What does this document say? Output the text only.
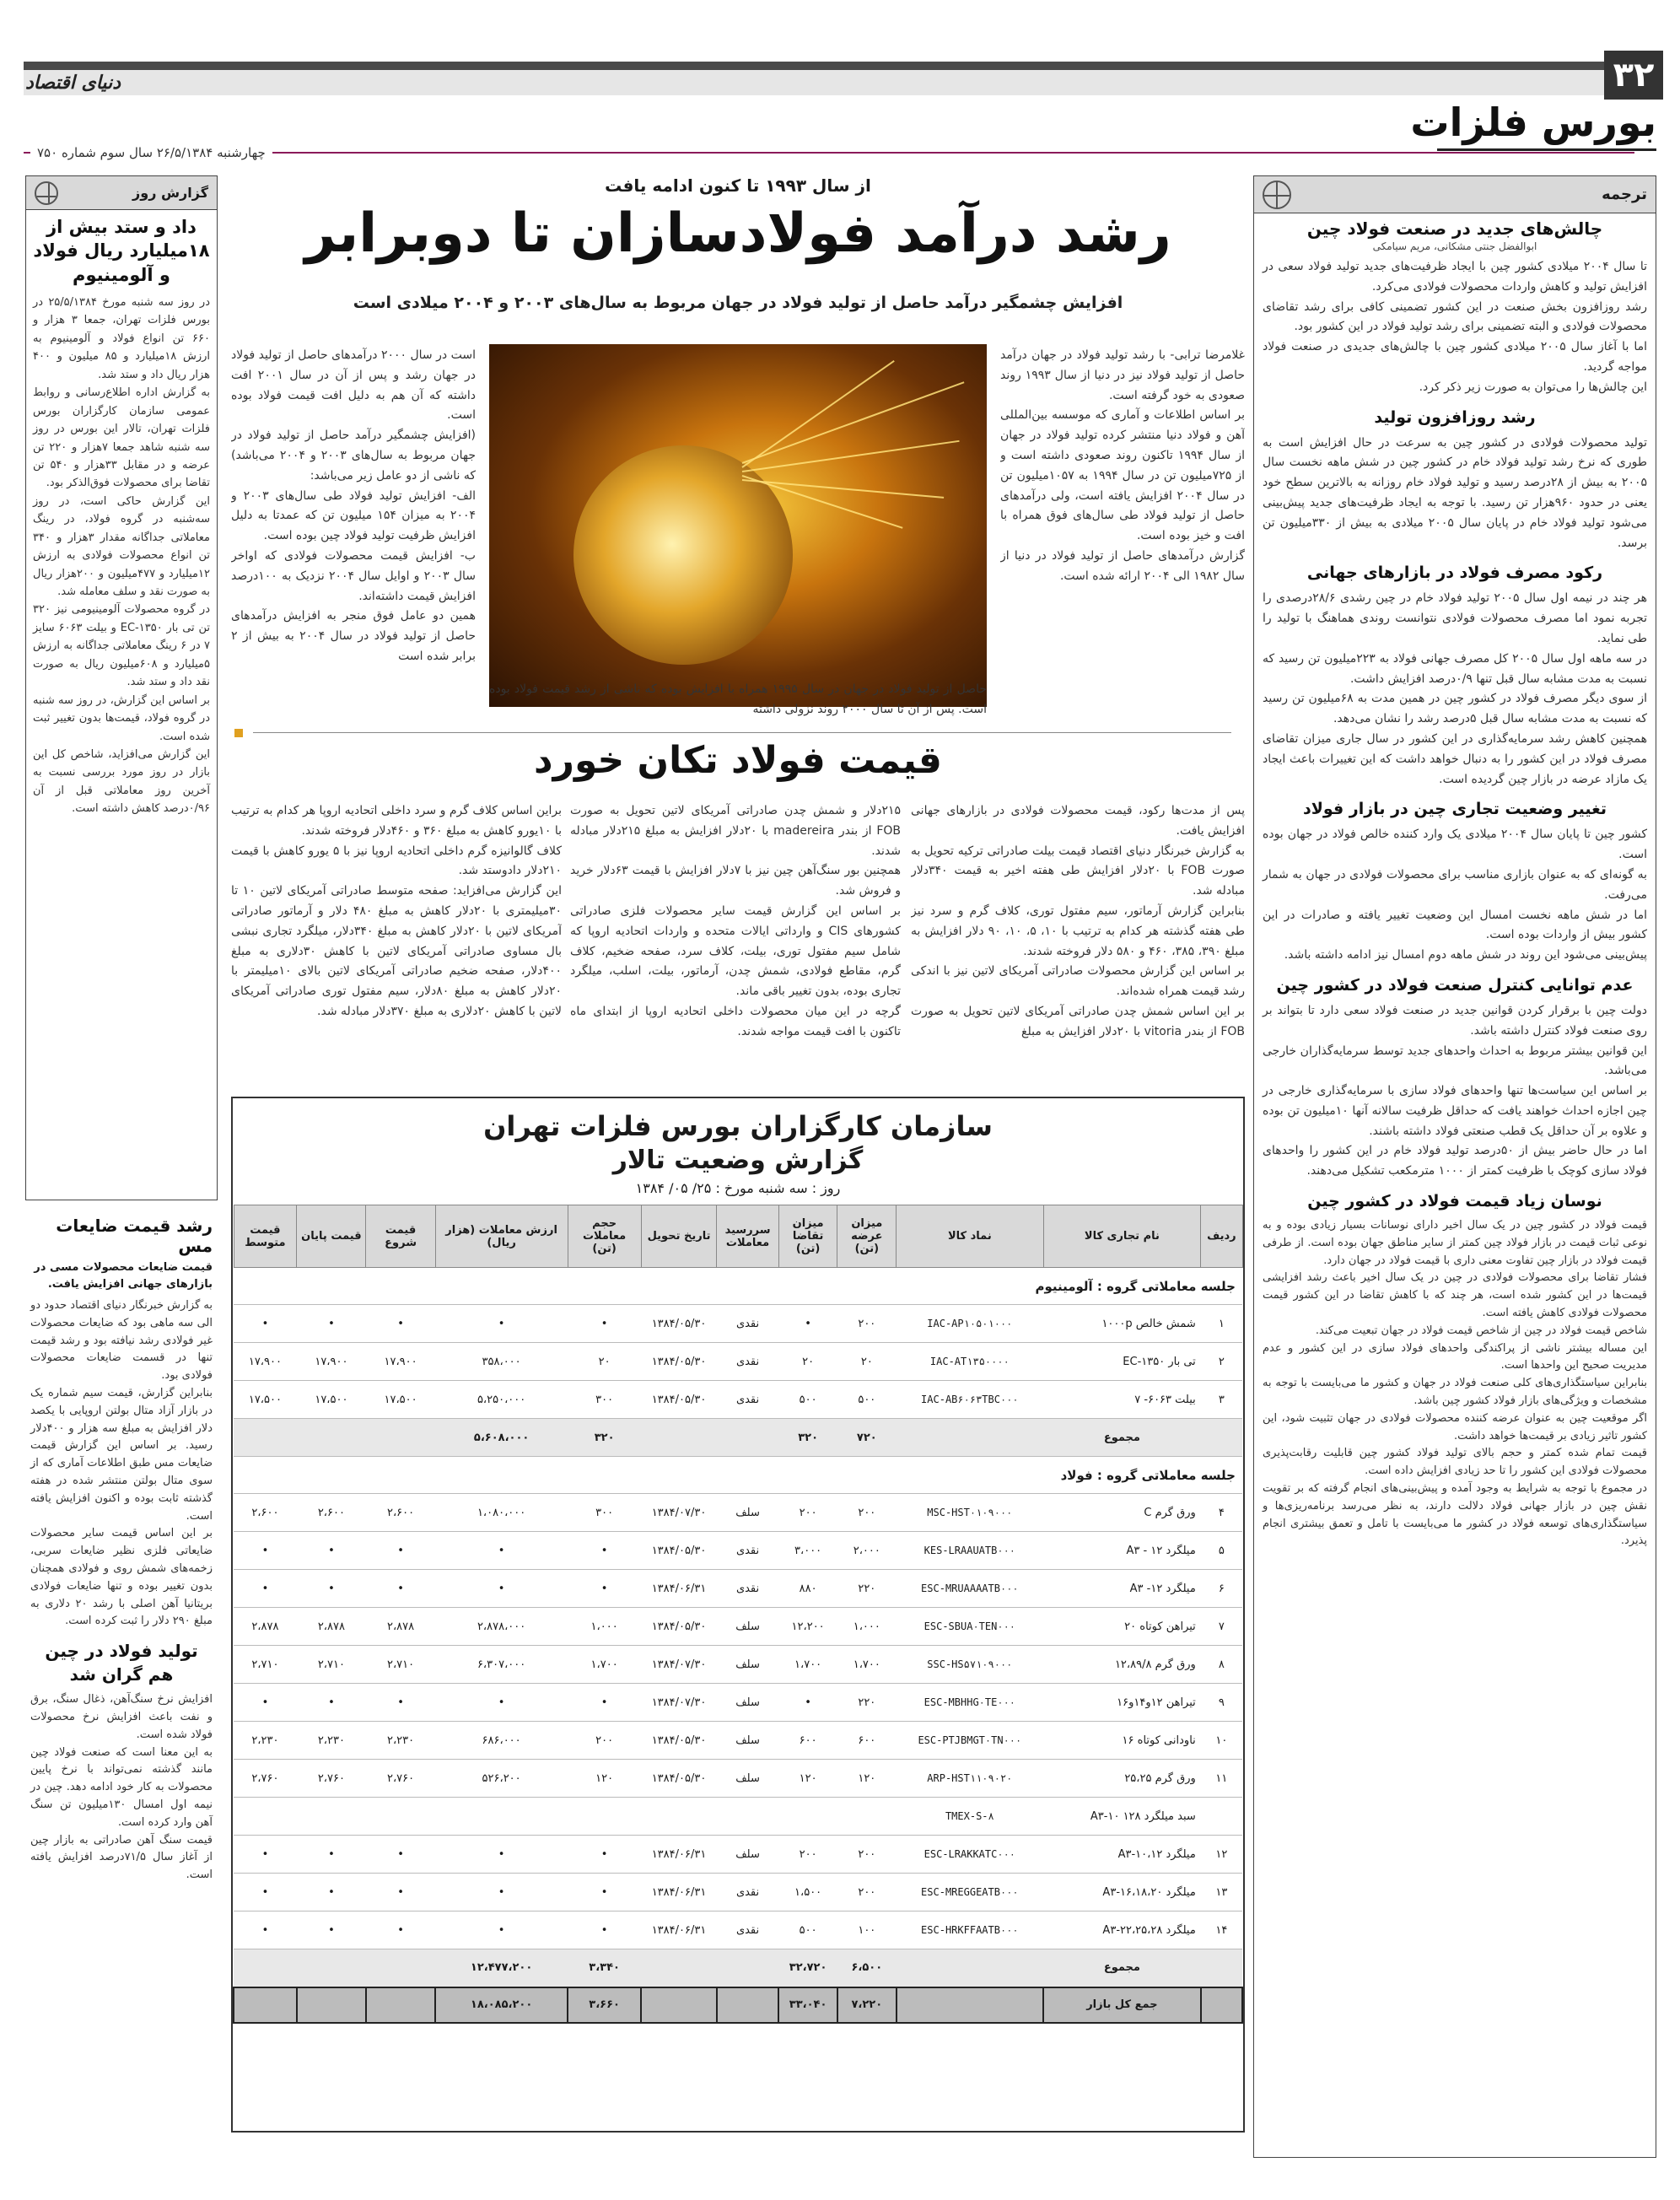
۳۲
دنیای اقتصاد
بورس فلزات
چهارشنبه ۲۶/۵/۱۳۸۴ سال سوم شماره ۷۵۰
ترجمه
چالش‌های جدید در صنعت فولاد چین
ابوالفضل جنتی مشکانی، مریم سیامکی
تا سال ۲۰۰۴ میلادی کشور چین با ایجاد ظرفیت‌های جدید تولید فولاد سعی در افزایش تولید و کاهش واردات محصولات فولادی می‌کرد.
رشد روزافزون بخش صنعت در این کشور تضمینی کافی برای رشد تقاضای محصولات فولادی و البته تضمینی برای رشد تولید فولاد در این کشور بود.
اما با آغاز سال ۲۰۰۵ میلادی کشور چین با چالش‌های جدیدی در صنعت فولاد مواجه گردید.
این چالش‌ها را می‌توان به صورت زیر ذکر کرد.
رشد روزافزون تولید
تولید محصولات فولادی در کشور چین به سرعت در حال افزایش است به طوری که نرخ رشد تولید فولاد خام در کشور چین در شش ماهه نخست سال ۲۰۰۵ به بیش از ۲۸درصد رسید و تولید فولاد خام روزانه به بالاترین سطح خود یعنی در حدود ۹۶۰هزار تن رسید. با توجه به ایجاد ظرفیت‌های جدید پیش‌بینی می‌شود تولید فولاد خام در پایان سال ۲۰۰۵ میلادی به بیش از ۳۳۰میلیون تن برسد.
رکود مصرف فولاد در بازارهای جهانی
هر چند در نیمه اول سال ۲۰۰۵ تولید فولاد خام در چین رشدی ۲۸/۶درصدی را تجربه نمود اما مصرف محصولات فولادی نتوانست روندی هماهنگ با تولید را طی نماید.
در سه ماهه اول سال ۲۰۰۵ کل مصرف جهانی فولاد به ۲۲۳میلیون تن رسید که نسبت به مدت مشابه سال قبل تنها ۰/۹درصد افزایش داشت.
از سوی دیگر مصرف فولاد در کشور چین در همین مدت به ۶۸میلیون تن رسید که نسبت به مدت مشابه سال قبل ۵درصد رشد را نشان می‌دهد.
همچنین کاهش رشد سرمایه‌گذاری در این کشور در سال جاری میزان تقاضای مصرف فولاد در این کشور را به دنبال خواهد داشت که این تغییرات باعث ایجاد یک مازاد عرضه در بازار چین گردیده است.
تغییر وضعیت تجاری چین در بازار فولاد
کشور چین تا پایان سال ۲۰۰۴ میلادی یک وارد کننده خالص فولاد در جهان بوده است.
به گونه‌ای که به عنوان بازاری مناسب برای محصولات فولادی در جهان به شمار می‌رفت.
اما در شش ماهه نخست امسال این وضعیت تغییر یافته و صادرات در این کشور بیش از واردات بوده است.
پیش‌بینی می‌شود این روند در شش ماهه دوم امسال نیز ادامه داشته باشد.
عدم توانایی کنترل صنعت فولاد در کشور چین
دولت چین با برقرار کردن قوانین جدید در صنعت فولاد سعی دارد تا بتواند بر روی صنعت فولاد کنترل داشته باشد.
این قوانین بیشتر مربوط به احداث واحدهای جدید توسط سرمایه‌گذاران خارجی می‌باشد.
بر اساس این سیاست‌ها تنها واحدهای فولاد سازی با سرمایه‌گذاری خارجی در چین اجازه احداث خواهند یافت که حداقل ظرفیت سالانه آنها ۱۰میلیون تن بوده و علاوه بر آن حداقل یک قطب صنعتی فولاد داشته باشند.
اما در حال حاضر بیش از ۵۰درصد تولید فولاد خام در این کشور را واحدهای فولاد سازی کوچک با ظرفیت کمتر از ۱۰۰۰ مترمکعب تشکیل می‌دهند.
نوسان زیاد قیمت فولاد در کشور چین
قیمت فولاد در کشور چین در یک سال اخیر دارای نوسانات بسیار زیادی بوده و به نوعی ثبات قیمت در بازار فولاد چین کمتر از سایر مناطق جهان بوده است. از طرفی قیمت فولاد در بازار چین تفاوت معنی داری با قیمت فولاد در جهان دارد.
فشار تقاضا برای محصولات فولادی در چین در یک سال اخیر باعث رشد افزایشی قیمت‌ها در این کشور شده است، هر چند که با کاهش تقاضا در این کشور قیمت محصولات فولادی کاهش یافته است.
شاخص قیمت فولاد در چین از شاخص قیمت فولاد در جهان تبعیت می‌کند.
این مساله بیشتر ناشی از پراکندگی واحدهای فولاد سازی در این کشور و عدم مدیریت صحیح این واحدها است.
بنابراین سیاستگذاری‌های کلی صنعت فولاد در جهان و کشور ما می‌بایست با توجه به مشخصات و ویژگی‌های بازار فولاد کشور چین باشد.
اگر موقعیت چین به عنوان عرضه کننده محصولات فولادی در جهان تثبیت شود، این کشور تاثیر زیادی بر قیمت‌ها خواهد داشت.
قیمت تمام شده کمتر و حجم بالای تولید فولاد کشور چین قابلیت رقابت‌پذیری محصولات فولادی این کشور را تا حد زیادی افزایش داده است.
در مجموع با توجه به شرایط به وجود آمده و پیش‌بینی‌های انجام گرفته که بر تقویت نقش چین در بازار جهانی فولاد دلالت دارند، به نظر می‌رسد برنامه‌ریزی‌ها و سیاستگذاری‌های توسعه فولاد در کشور ما می‌بایست با تامل و تعمق بیشتری انجام پذیرد.
گزارش روز
داد و ستد بیش از ۱۸میلیارد ریال فولاد و آلومینیوم
در روز سه شنبه مورخ ۲۵/۵/۱۳۸۴ در بورس فلزات تهران، جمعا ۳ هزار و ۶۶۰ تن انواع فولاد و آلومینیوم به ارزش ۱۸میلیارد و ۸۵ میلیون و ۴۰۰ هزار ریال داد و ستد شد.
به گزارش اداره اطلاع‌رسانی و روابط عمومی سازمان کارگزاران بورس فلزات تهران، تالار این بورس در روز سه شنبه شاهد جمعا ۷هزار و ۲۲۰ تن عرضه و در مقابل ۳۳هزار و ۵۴۰ تن تقاضا برای محصولات فوق‌الذکر بود.
این گزارش حاکی است، در روز سه‌شنبه در گروه فولاد، در رینگ معاملاتی جداگانه مقدار ۳هزار و ۳۴۰ تن انواع محصولات فولادی به ارزش ۱۲میلیارد و ۴۷۷میلیون و ۲۰۰هزار ریال به صورت نقد و سلف معامله شد.
در گروه محصولات آلومینیومی نیز ۳۲۰ تن تی بار EC-۱۳۵۰ و بیلت ۶۰۶۳ سایز ۷ در ۶ رینگ معاملاتی جداگانه به ارزش ۵میلیارد و ۶۰۸میلیون ریال به صورت نقد داد و ستد شد.
بر اساس این گزارش، در روز سه شنبه در گروه فولاد، قیمت‌ها بدون تغییر ثبت شده است.
این گزارش می‌افزاید، شاخص کل این بازار در روز مورد بررسی نسبت به آخرین روز معاملاتی قبل از آن ۰/۹۶درصد کاهش داشته است.
رشد قیمت ضایعات مس
قیمت ضایعات محصولات مسی در بازارهای جهانی افزایش یافت.
به گزارش خبرنگار دنیای اقتصاد حدود دو الی سه ماهی بود که ضایعات محصولات غیر فولادی رشد نیافته بود و رشد قیمت تنها در قسمت ضایعات محصولات فولادی بود.
بنابراین گزارش، قیمت سیم شماره یک در بازار آزاد متال بولتن اروپایی با یکصد دلار افزایش به مبلغ سه هزار و ۴۰۰دلار رسید. بر اساس این گزارش قیمت ضایعات مس طبق اطلاعات آماری که از سوی متال بولتن منتشر شده در هفته گذشته ثابت بوده و اکنون افزایش یافته است.
بر این اساس قیمت سایر محصولات ضایعاتی فلزی نظیر ضایعات سربی، زخمه‌های شمش روی و فولادی همچنان بدون تغییر بوده و تنها ضایعات فولادی بریتانیا آهن اصلی با رشد ۲۰ دلاری به مبلغ ۲۹۰ دلار را ثبت کرده است.
تولید فولاد در چین هم گران شد
افزایش نرخ سنگ‌آهن، ذغال سنگ، برق و نفت باعث افزایش نرخ محصولات فولاد شده است.
به این معنا است که صنعت فولاد چین مانند گذشته نمی‌تواند با نرخ پایین محصولات به کار خود ادامه دهد. چین در نیمه اول امسال ۱۳۰میلیون تن سنگ آهن وارد کرده است.
قیمت سنگ آهن صادراتی به بازار چین از آغاز سال ۷۱/۵درصد افزایش یافته است.
از سال ۱۹۹۳ تا کنون ادامه یافت
رشد درآمد فولادسازان تا دوبرابر
افزایش چشمگیر درآمد حاصل از تولید فولاد در جهان مربوط به سال‌های ۲۰۰۳ و ۲۰۰۴ میلادی است
غلامرضا ترابی- با رشد تولید فولاد در جهان درآمد حاصل از تولید فولاد نیز در دنیا از سال ۱۹۹۳ روند صعودی به خود گرفته است.
بر اساس اطلاعات و آماری که موسسه بین‌المللی آهن و فولاد دنیا منتشر کرده تولید فولاد در جهان از سال ۱۹۹۴ تاکنون روند صعودی داشته است و از ۷۲۵میلیون تن در سال ۱۹۹۴ به ۱۰۵۷میلیون تن در سال ۲۰۰۴ افزایش یافته است، ولی درآمدهای حاصل از تولید فولاد طی سال‌های فوق همراه با افت و خیز بوده است.
گزارش درآمدهای حاصل از تولید فولاد در دنیا از سال ۱۹۸۲ الی ۲۰۰۴ ارائه شده است.
است در سال ۲۰۰۰ درآمدهای حاصل از تولید فولاد در جهان رشد و پس از آن در سال ۲۰۰۱ افت داشته که آن هم به دلیل افت قیمت فولاد بوده است.
(افزایش چشمگیر درآمد حاصل از تولید فولاد در جهان مربوط به سال‌های ۲۰۰۳ و ۲۰۰۴ می‌باشد) که ناشی از دو عامل زیر می‌باشد:
الف- افزایش تولید فولاد طی سال‌های ۲۰۰۳ و ۲۰۰۴ به میزان ۱۵۴ میلیون تن که عمدتا به دلیل افزایش ظرفیت تولید فولاد چین بوده است.
ب- افزایش قیمت محصولات فولادی که اواخر سال ۲۰۰۳ و اوایل سال ۲۰۰۴ نزدیک به ۱۰۰درصد افزایش قیمت داشته‌اند.
همین دو عامل فوق منجر به افزایش درآمدهای حاصل از تولید فولاد در سال ۲۰۰۴ به بیش از ۲ برابر شده است
حاصل از تولید فولاد در جهان در سال ۱۹۹۵ همراه با افزایش بوده که ناشی از رشد قیمت فولاد بوده است. پس از آن تا سال ۲۰۰۰ روند نزولی داشته
قیمت فولاد تکان خورد
پس از مدت‌ها رکود، قیمت محصولات فولادی در بازارهای جهانی افزایش یافت.
به گزارش خبرنگار دنیای اقتصاد قیمت بیلت صادراتی ترکیه تحویل به صورت FOB با ۲۰دلار افزایش طی هفته اخیر به قیمت ۳۴۰دلار مبادله شد.
بنابراین گزارش آرماتور، سیم مفتول توری، کلاف گرم و سرد نیز طی هفته گذشته هر کدام به ترتیب با ۱۰، ۵، ۱۰، ۹۰ دلار افزایش به مبلغ ۳۹۰، ۳۸۵، ۴۶۰ و ۵۸۰ دلار فروخته شدند.
بر اساس این گزارش محصولات صادراتی آمریکای لاتین نیز با اندکی رشد قیمت همراه شده‌اند.
بر این اساس شمش چدن صادراتی آمریکای لاتین تحویل به صورت FOB از بندر vitoria با ۲۰دلار افزایش به مبلغ
۲۱۵دلار و شمش چدن صادراتی آمریکای لاتین تحویل به صورت FOB از بندر madereira با ۲۰دلار افزایش به مبلغ ۲۱۵دلار مبادله شدند.
همچنین بور سنگ‌آهن چین نیز با ۷دلار افزایش با قیمت ۶۳دلار خرید و فروش شد.
بر اساس این گزارش قیمت سایر محصولات فلزی صادراتی کشورهای CIS و وارداتی ایالات متحده و واردات اتحادیه اروپا که شامل سیم مفتول توری، بیلت، کلاف سرد، صفحه ضخیم، کلاف گرم، مقاطع فولادی، شمش چدن، آرماتور، بیلت، اسلب، میلگرد تجاری بوده، بدون تغییر باقی ماند.
گرچه در این میان محصولات داخلی اتحادیه اروپا از ابتدای ماه تاکنون با افت قیمت مواجه شدند.
براین اساس کلاف گرم و سرد داخلی اتحادیه اروپا هر کدام به ترتیب با ۱۰یورو کاهش به مبلغ ۳۶۰ و ۴۶۰دلار فروخته شدند.
کلاف گالوانیزه گرم داخلی اتحادیه اروپا نیز با ۵ یورو کاهش با قیمت ۲۱۰دلار دادوستد شد.
این گزارش می‌افزاید: صفحه متوسط صادراتی آمریکای لاتین ۱۰ تا ۳۰میلیمتری با ۲۰دلار کاهش به مبلغ ۴۸۰ دلار و آرماتور صادراتی آمریکای لاتین با ۲۰دلار کاهش به مبلغ ۳۴۰دلار، میلگرد تجاری نبشی بال مساوی صادراتی آمریکای لاتین با کاهش ۳۰دلاری به مبلغ ۴۰۰دلار، صفحه ضخیم صادراتی آمریکای لاتین بالای ۱۰میلیمتر با ۲۰دلار کاهش به مبلغ ۸۰دلار، سیم مفتول توری صادراتی آمریکای لاتین با کاهش ۲۰دلاری به مبلغ ۳۷۰دلار مبادله شد.
سازمان کارگزاران بورس فلزات تهران
گزارش وضعیت تالار
روز : سه شنبه مورخ : ۲۵/ ۰۵/ ۱۳۸۴
ردیف	نام تجاری کالا	نماد کالا	میزان عرضه (تن)	میزان تقاضا (تن)	سررسید معاملات	تاریخ تحویل	حجم معاملات (تن)	ارزش معاملات (هزار ریال)	قیمت شروع	قیمت پایان	قیمت متوسط
جلسه معاملاتی گروه : آلومینیوم											
۱	شمش خالص ۱۰۰۰p	IAC-AP۱۰۵۰۱۰۰۰	۲۰۰	•	نقدی	۱۳۸۴/۰۵/۳۰	•	•	•	•	•
۲	تی بار EC-۱۳۵۰	IAC-AT۱۳۵۰۰۰۰	۲۰	۲۰	نقدی	۱۳۸۴/۰۵/۳۰	۲۰	۳۵۸،۰۰۰	۱۷،۹۰۰	۱۷،۹۰۰	۱۷،۹۰۰
۳	بیلت ۶۰۶۳- ۷	IAC-AB۶۰۶۳TBC۰۰۰	۵۰۰	۵۰۰	نقدی	۱۳۸۴/۰۵/۳۰	۳۰۰	۵،۲۵۰،۰۰۰	۱۷،۵۰۰	۱۷،۵۰۰	۱۷،۵۰۰
	مجموع		۷۲۰	۳۲۰			۳۲۰	۵،۶۰۸،۰۰۰			
جلسه معاملاتی گروه : فولاد											
۴	ورق گرم C	MSC-HST۰۱۰۹۰۰۰	۲۰۰	۲۰۰	سلف	۱۳۸۴/۰۷/۳۰	۳۰۰	۱،۰۸۰،۰۰۰	۲،۶۰۰	۲،۶۰۰	۲،۶۰۰
۵	میلگرد ۱۲ - A۳	KES-LRAAUATB۰۰۰	۲،۰۰۰	۳،۰۰۰	نقدی	۱۳۸۴/۰۵/۳۰	•	•	•	•	•
۶	میلگرد ۱۲- A۳	ESC-MRUAAAATB۰۰۰	۲۲۰	۸۸۰	نقدی	۱۳۸۴/۰۶/۳۱	•	•	•	•	•
۷	تیراهن کوتاه ۲۰	ESC-SBUA۰TEN۰۰۰	۱،۰۰۰	۱۲،۲۰۰	سلف	۱۳۸۴/۰۵/۳۰	۱،۰۰۰	۲،۸۷۸،۰۰۰	۲،۸۷۸	۲،۸۷۸	۲،۸۷۸
۸	ورق گرم ۱۲،۸۹/۸	SSC-HS۵۷۱۰۹۰۰۰	۱،۷۰۰	۱،۷۰۰	سلف	۱۳۸۴/۰۷/۳۰	۱،۷۰۰	۶،۳۰۷،۰۰۰	۲،۷۱۰	۲،۷۱۰	۲،۷۱۰
۹	تیراهن ۱۲و۱۴و۱۶	ESC-MBHHG۰TE۰۰۰	۲۲۰	•	سلف	۱۳۸۴/۰۷/۳۰	•	•	•	•	•
۱۰	ناودانی کوتاه ۱۶	ESC-PTJBMGT۰TN۰۰۰	۶۰۰	۶۰۰	سلف	۱۳۸۴/۰۵/۳۰	۲۰۰	۶۸۶،۰۰۰	۲،۲۳۰	۲،۲۳۰	۲،۲۳۰
۱۱	ورق گرم ۲۵،۲۵	ARP-HST۱۱۰۹۰۲۰	۱۲۰	۱۲۰	سلف	۱۳۸۴/۰۵/۳۰	۱۲۰	۵۲۶،۲۰۰	۲،۷۶۰	۲،۷۶۰	۲،۷۶۰
	سبد میلگرد A۳-۱۰ ۱۲۸	TMEX-S-۸									
۱۲	میلگرد ۱۰،۱۲-A۳	ESC-LRAKKATC۰۰۰	۲۰۰	۲۰۰	سلف	۱۳۸۴/۰۶/۳۱	•	•	•	•	•
۱۳	میلگرد ۱۶،۱۸،۲۰-A۳	ESC-MREGGEATB۰۰۰	۲۰۰	۱،۵۰۰	نقدی	۱۳۸۴/۰۶/۳۱	•	•	•	•	•
۱۴	میلگرد ۲۲،۲۵،۲۸-A۳	ESC-HRKFFAATB۰۰۰	۱۰۰	۵۰۰	نقدی	۱۳۸۴/۰۶/۳۱	•	•	•	•	•
	مجموع		۶،۵۰۰	۳۲،۷۲۰			۳،۳۴۰	۱۲،۴۷۷،۲۰۰			
	جمع کل بازار		۷،۲۲۰	۳۳،۰۴۰			۳،۶۶۰	۱۸،۰۸۵،۲۰۰			
